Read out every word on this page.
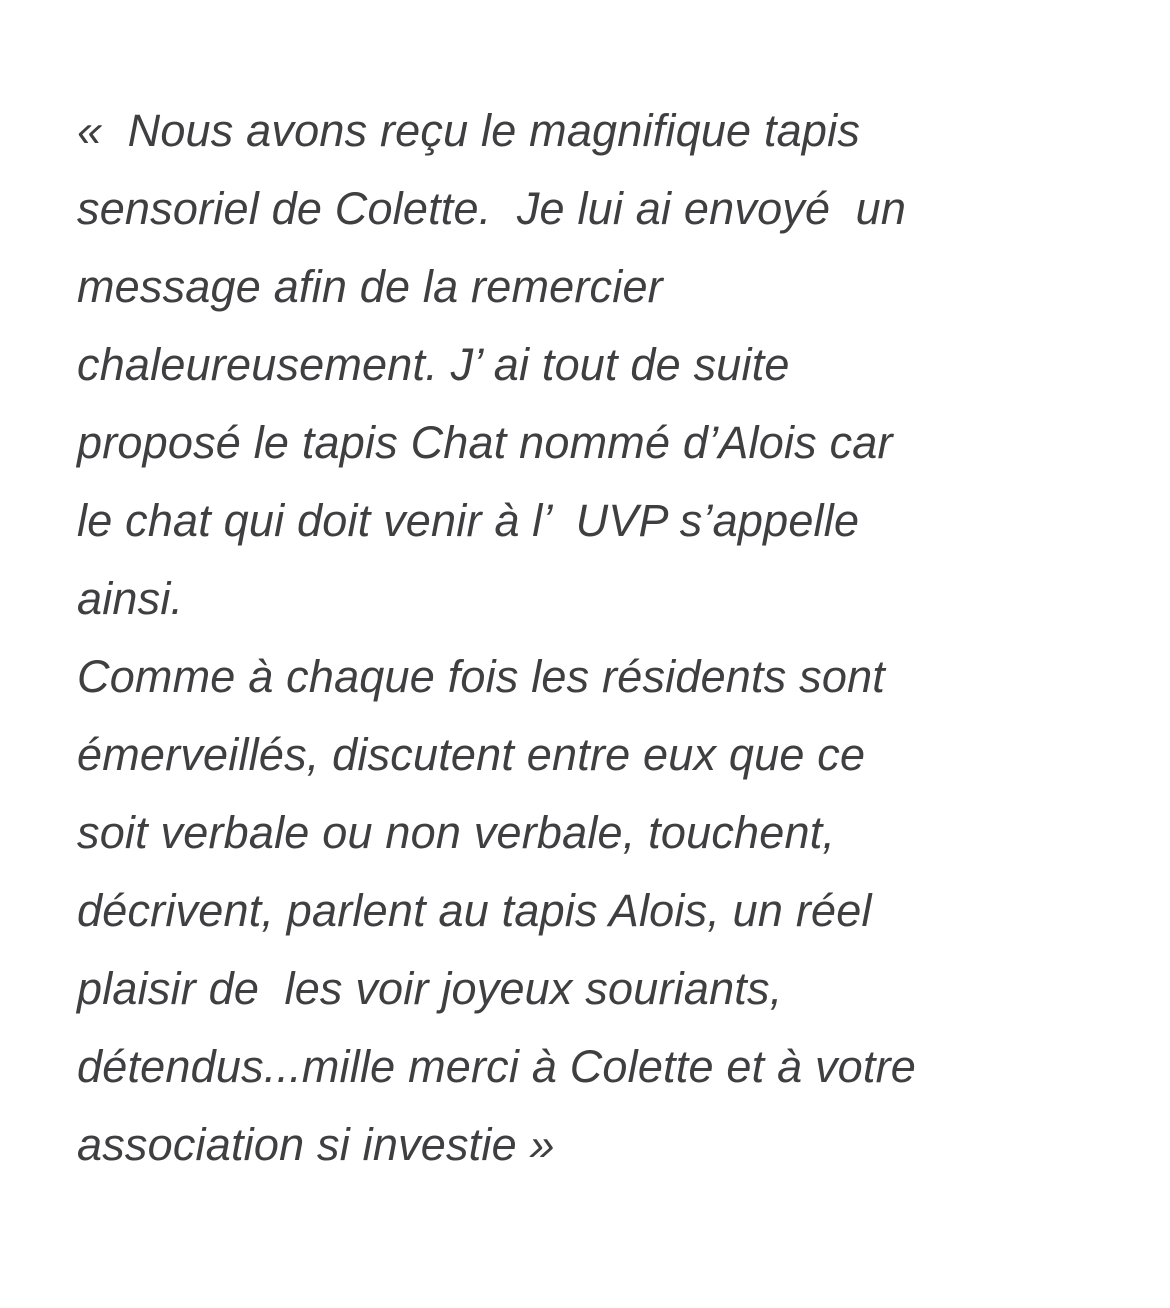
«  Nous avons reçu le magnifique tapis
sensoriel de Colette.  Je lui ai envoyé  un
message afin de la remercier
chaleureusement. J’ ai tout de suite
proposé le tapis Chat nommé d’Alois car
le chat qui doit venir à l’  UVP s’appelle
ainsi.
Comme à chaque fois les résidents sont
émerveillés, discutent entre eux que ce
soit verbale ou non verbale, touchent,
décrivent, parlent au tapis Alois, un réel
plaisir de  les voir joyeux souriants,
détendus...mille merci à Colette et à votre
association si investie »
